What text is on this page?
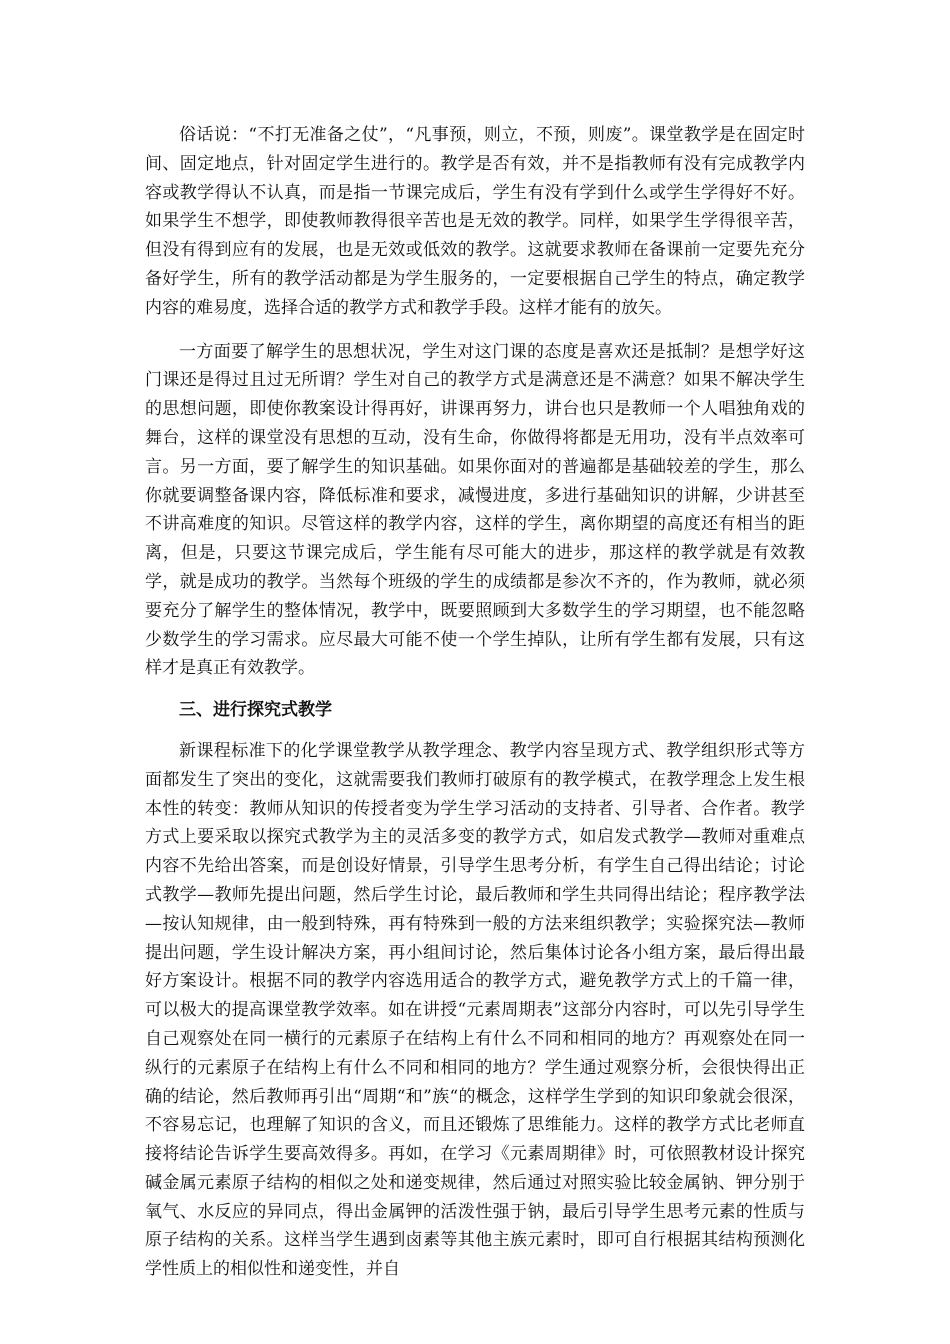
俗话说：“不打无准备之仗”，“凡事预，则立，不预，则废”。课堂教学是在固定时间、固定地点，针对固定学生进行的。教学是否有效，并不是指教师有没有完成教学内容或教学得认不认真，而是指一节课完成后，学生有没有学到什么或学生学得好不好。如果学生不想学，即使教师教得很辛苦也是无效的教学。同样，如果学生学得很辛苦，但没有得到应有的发展，也是无效或低效的教学。这就要求教师在备课前一定要先充分备好学生，所有的教学活动都是为学生服务的，一定要根据自己学生的特点，确定教学内容的难易度，选择合适的教学方式和教学手段。这样才能有的放矢。

一方面要了解学生的思想状况，学生对这门课的态度是喜欢还是抵制？是想学好这门课还是得过且过无所谓？学生对自己的教学方式是满意还是不满意？如果不解决学生的思想问题，即使你教案设计得再好，讲课再努力，讲台也只是教师一个人唱独角戏的舞台，这样的课堂没有思想的互动，没有生命，你做得将都是无用功，没有半点效率可言。另一方面，要了解学生的知识基础。如果你面对的普遍都是基础较差的学生，那么你就要调整备课内容，降低标准和要求，减慢进度，多进行基础知识的讲解，少讲甚至不讲高难度的知识。尽管这样的教学内容，这样的学生，离你期望的高度还有相当的距离，但是，只要这节课完成后，学生能有尽可能大的进步，那这样的教学就是有效教学，就是成功的教学。当然每个班级的学生的成绩都是参次不齐的，作为教师，就必须要充分了解学生的整体情况，教学中，既要照顾到大多数学生的学习期望，也不能忽略少数学生的学习需求。应尽最大可能不使一个学生掉队，让所有学生都有发展，只有这样才是真正有效教学。

三、进行探究式教学

新课程标准下的化学课堂教学从教学理念、教学内容呈现方式、教学组织形式等方面都发生了突出的变化，这就需要我们教师打破原有的教学模式，在教学理念上发生根本性的转变：教师从知识的传授者变为学生学习活动的支持者、引导者、合作者。教学方式上要采取以探究式教学为主的灵活多变的教学方式，如启发式教学—教师对重难点内容不先给出答案，而是创设好情景，引导学生思考分析，有学生自己得出结论；讨论式教学—教师先提出问题，然后学生讨论，最后教师和学生共同得出结论；程序教学法—按认知规律，由一般到特殊，再有特殊到一般的方法来组织教学；实验探究法—教师提出问题，学生设计解决方案，再小组间讨论，然后集体讨论各小组方案，最后得出最好方案设计。根据不同的教学内容选用适合的教学方式，避免教学方式上的千篇一律，可以极大的提高课堂教学效率。如在讲授“元素周期表”这部分内容时，可以先引导学生自己观察处在同一横行的元素原子在结构上有什么不同和相同的地方？再观察处在同一纵行的元素原子在结构上有什么不同和相同的地方？学生通过观察分析，会很快得出正确的结论，然后教师再引出“周期“和”族“的概念，这样学生学到的知识印象就会很深，不容易忘记，也理解了知识的含义，而且还锻炼了思维能力。这样的教学方式比老师直接将结论告诉学生要高效得多。再如，在学习《元素周期律》时，可依照教材设计探究碱金属元素原子结构的相似之处和递变规律，然后通过对照实验比较金属钠、钾分别于氧气、水反应的异同点，得出金属钾的活泼性强于钠，最后引导学生思考元素的性质与原子结构的关系。这样当学生遇到卤素等其他主族元素时，即可自行根据其结构预测化学性质上的相似性和递变性，并自
